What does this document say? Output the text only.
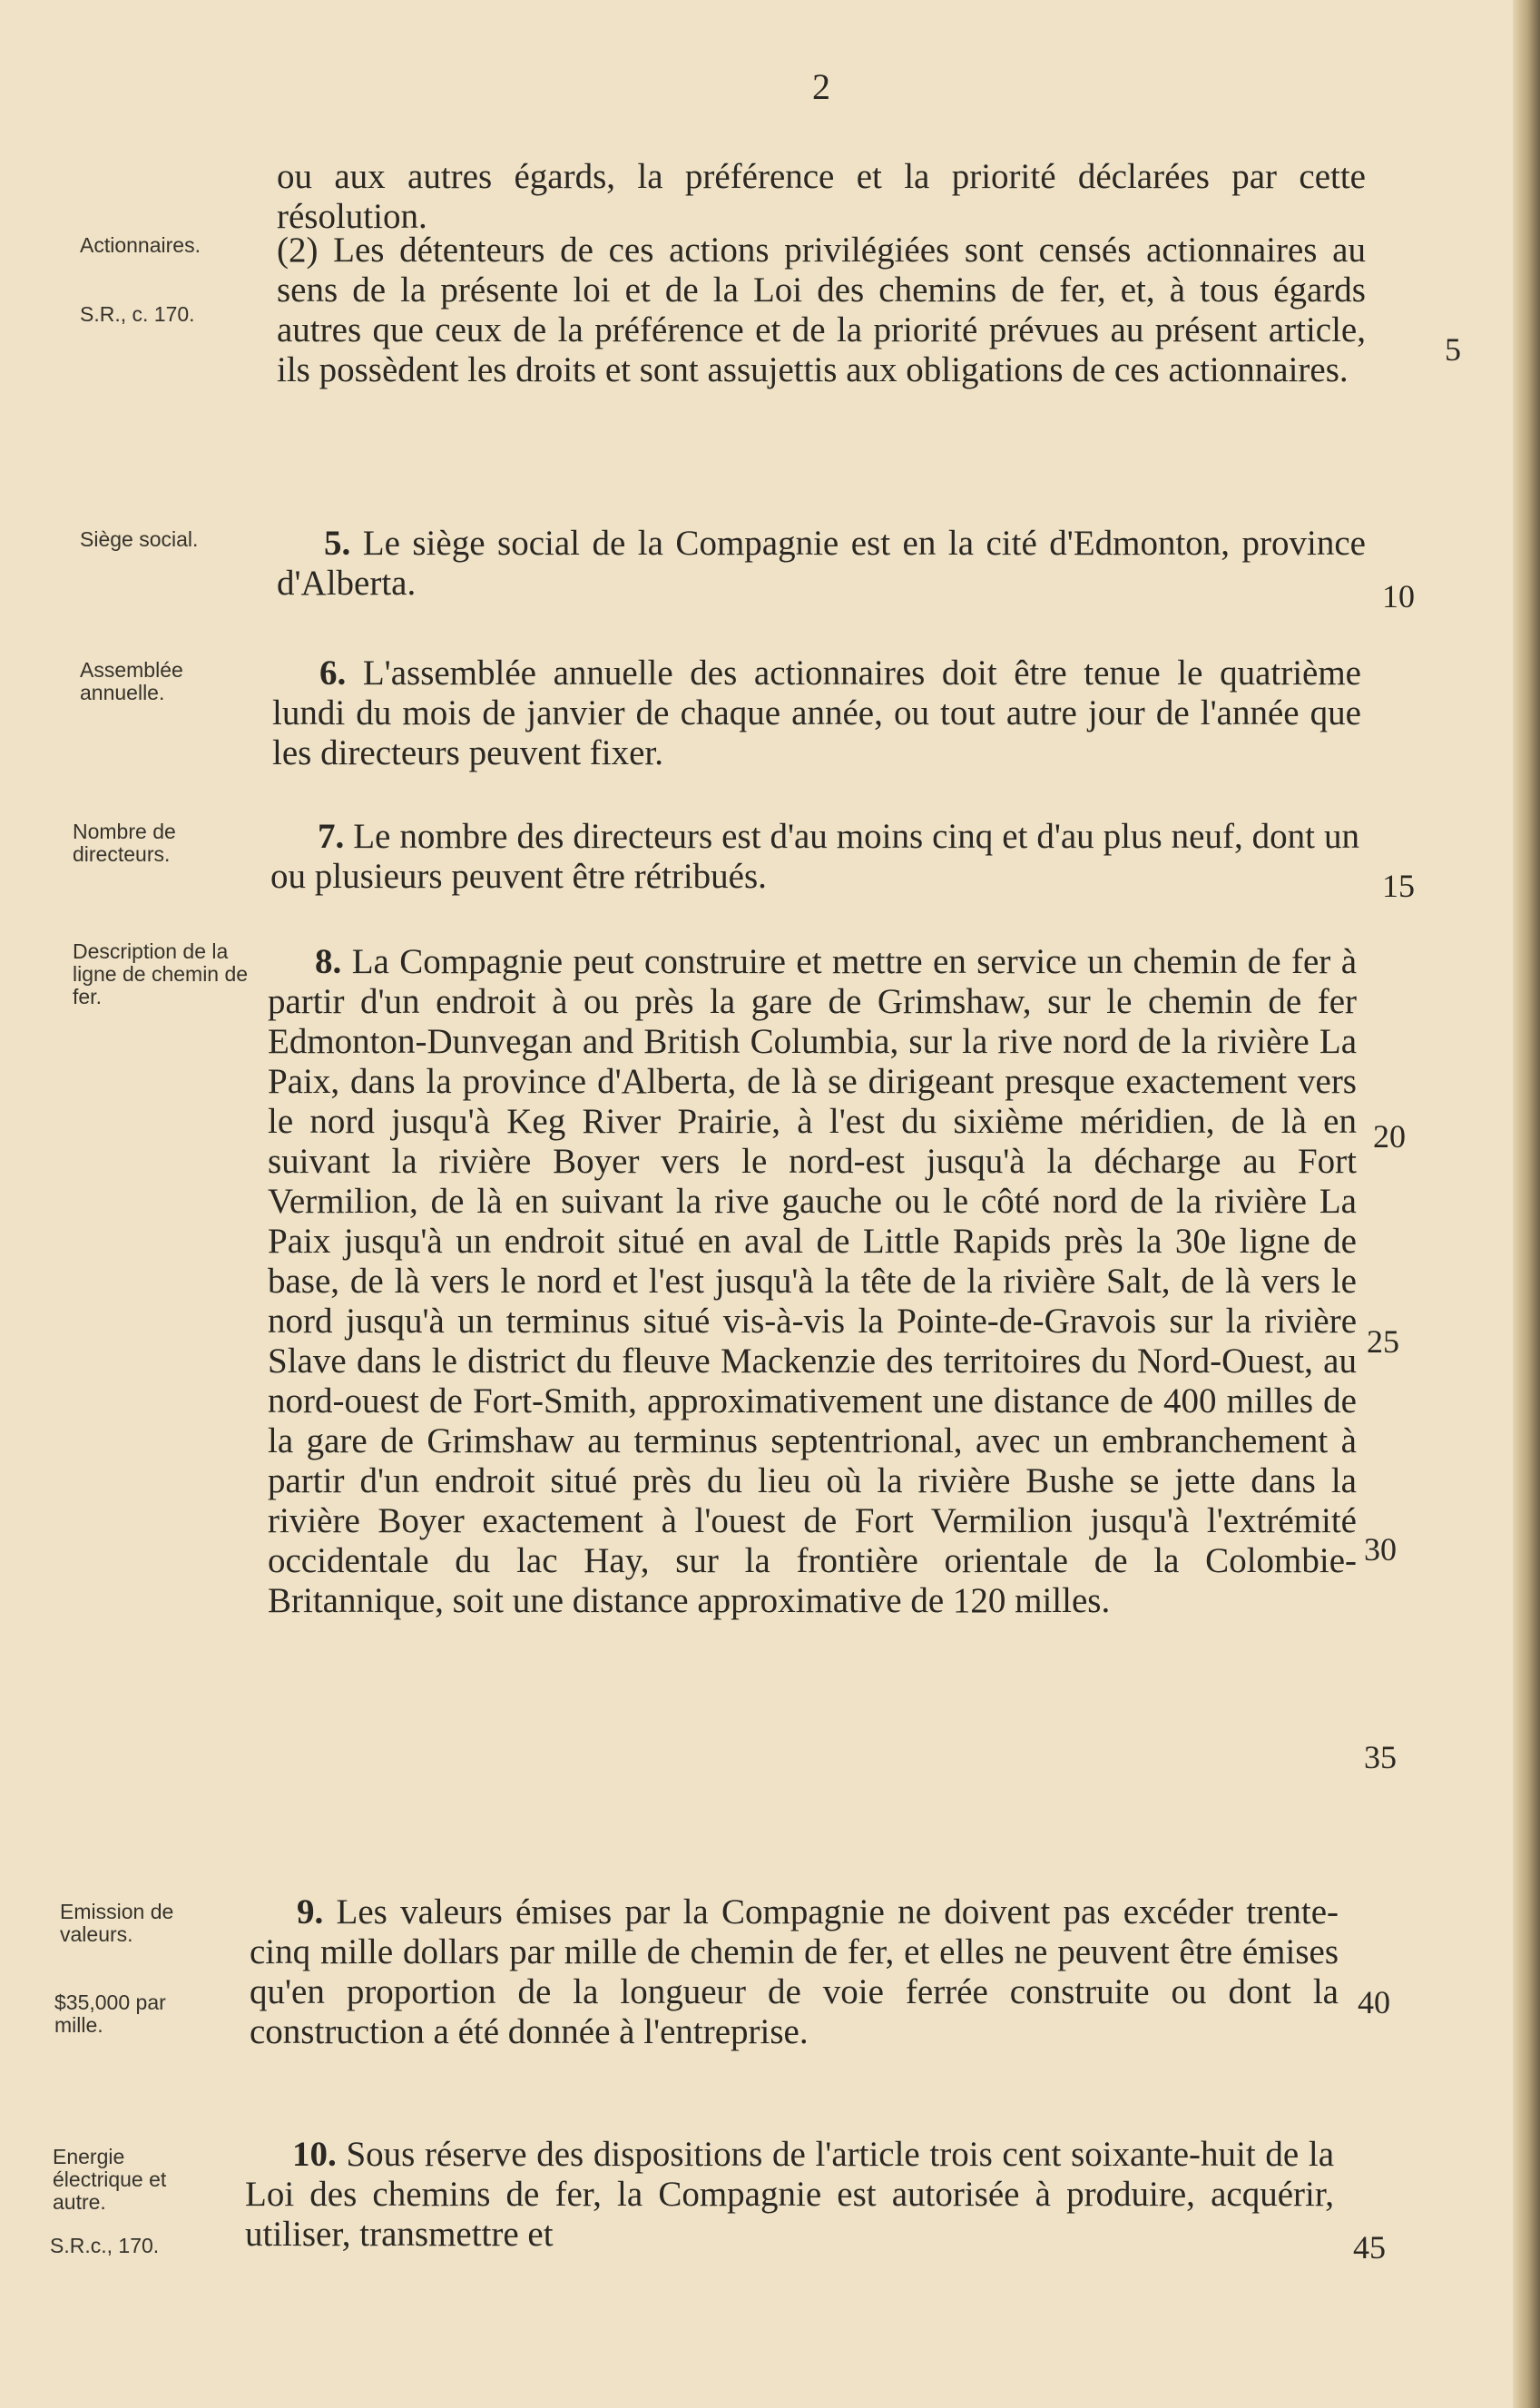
2

ou aux autres égards, la préférence et la priorité déclarées par cette résolution.

Actionnaires.
S.R., c. 170.

(2) Les détenteurs de ces actions privilégiées sont censés actionnaires au sens de la présente loi et de la Loi des chemins de fer, et, à tous égards autres que ceux de la préférence et de la priorité prévues au présent article, ils possèdent les droits et sont assujettis aux obligations de ces actionnaires.

Siège social.	5. Le siège social de la Compagnie est en la cité d'Edmonton, province d'Alberta.

Assemblée annuelle.	6. L'assemblée annuelle des actionnaires doit être tenue le quatrième lundi du mois de janvier de chaque année, ou tout autre jour de l'année que les directeurs peuvent fixer.

Nombre de directeurs.	7. Le nombre des directeurs est d'au moins cinq et d'au plus neuf, dont un ou plusieurs peuvent être rétribués.

Description de la ligne de chemin de fer.

8. La Compagnie peut construire et mettre en service un chemin de fer à partir d'un endroit à ou près la gare de Grimshaw, sur le chemin de fer Edmonton-Dunvegan and British Columbia, sur la rive nord de la rivière La Paix, dans la province d'Alberta, de là se dirigeant presque exactement vers le nord jusqu'à Keg River Prairie, à l'est du sixième méridien, de là en suivant la rivière Boyer vers le nord-est jusqu'à la décharge au Fort Vermilion, de là en suivant la rive gauche ou le côté nord de la rivière La Paix jusqu'à un endroit situé en aval de Little Rapids près la 30e ligne de base, de là vers le nord et l'est jusqu'à la tête de la rivière Salt, de là vers le nord jusqu'à un terminus situé vis-à-vis la Pointe-de-Gravois sur la rivière Slave dans le district du fleuve Mackenzie des territoires du Nord-Ouest, au nord-ouest de Fort-Smith, approximativement une distance de 400 milles de la gare de Grimshaw au terminus septentrional, avec un embranchement à partir d'un endroit situé près du lieu où la rivière Bushe se jette dans la rivière Boyer exactement à l'ouest de Fort Vermilion jusqu'à l'extrémité occidentale du lac Hay, sur la frontière orientale de la Colombie-Britannique, soit une distance approximative de 120 milles.

Emission de valeurs.
$35,000 par mille.

9. Les valeurs émises par la Compagnie ne doivent pas excéder trente-cinq mille dollars par mille de chemin de fer, et elles ne peuvent être émises qu'en proportion de la longueur de voie ferrée construite ou dont la construction a été donnée à l'entreprise.

Energie électrique et autre.
S.R.c., 170.

10. Sous réserve des dispositions de l'article trois cent soixante-huit de la Loi des chemins de fer, la Compagnie est autorisée à produire, acquérir, utiliser, transmettre et

5
10
15
20
25
30
35
40
45
